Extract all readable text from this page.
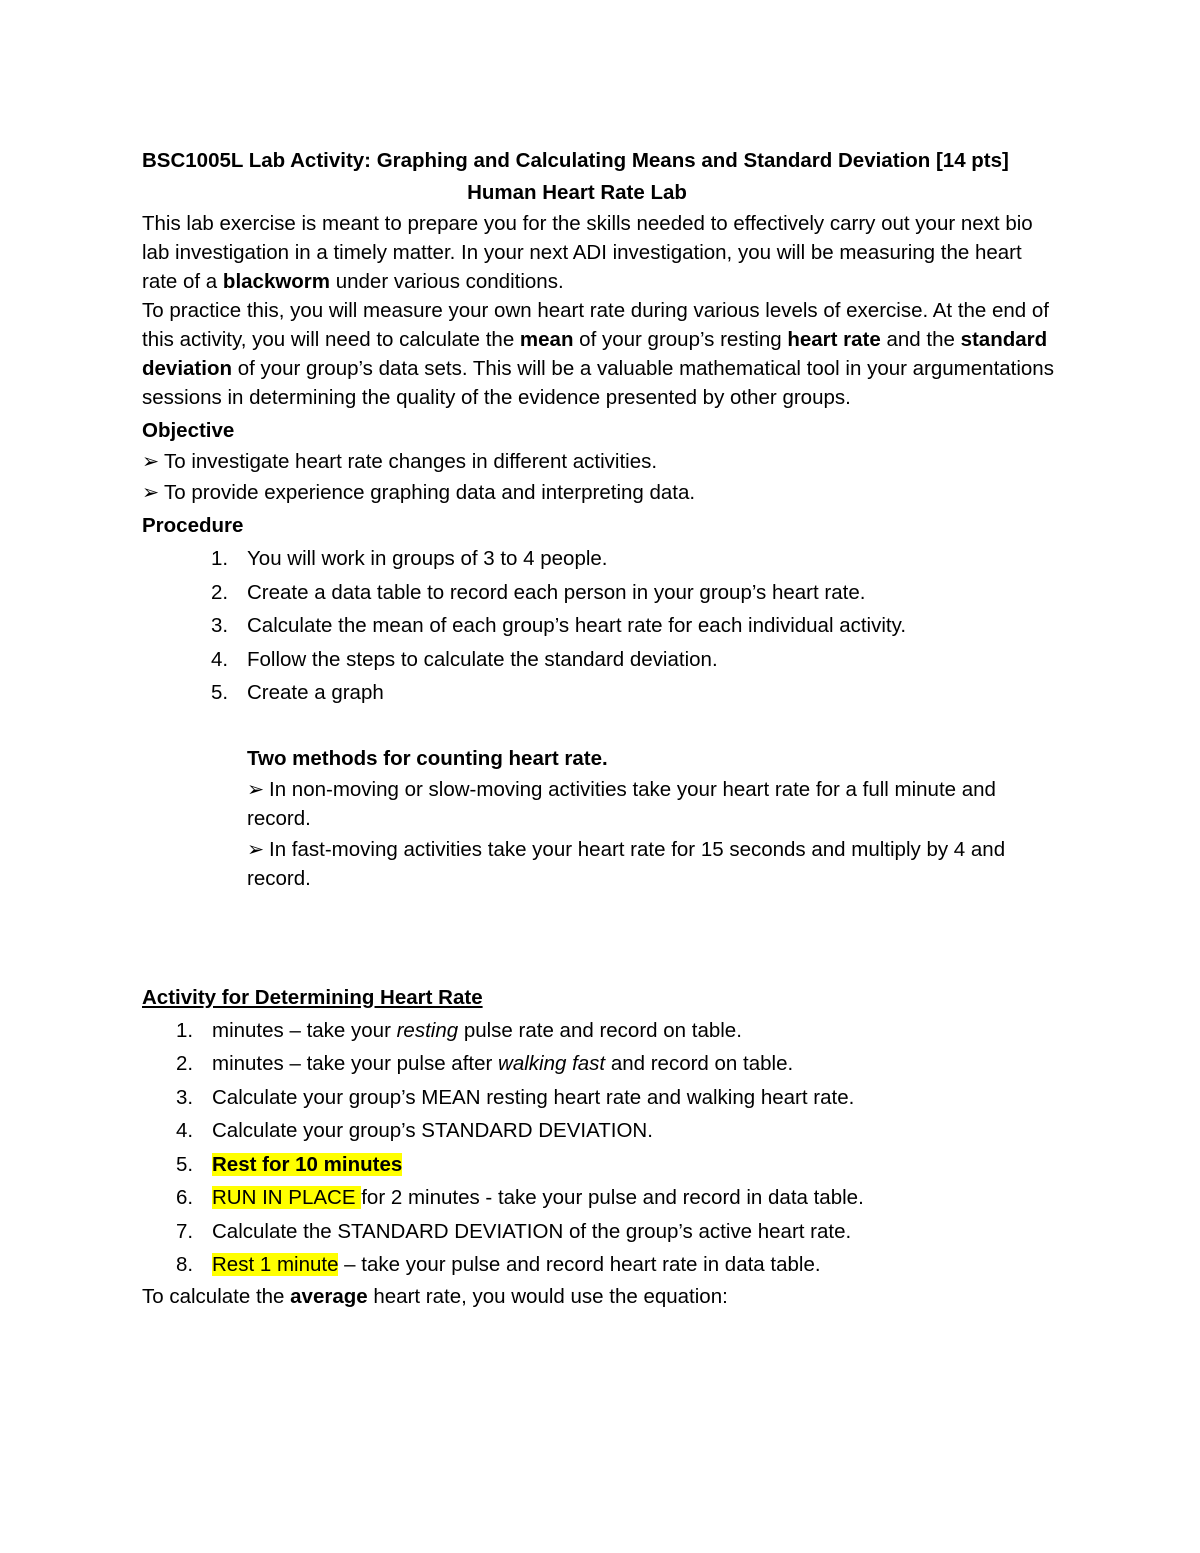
BSC1005L Lab Activity: Graphing and Calculating Means and Standard Deviation [14 pts]

Human Heart Rate Lab

This lab exercise is meant to prepare you for the skills needed to effectively carry out your next bio lab investigation in a timely matter. In your next ADI investigation, you will be measuring the heart rate of a blackworm under various conditions.

To practice this, you will measure your own heart rate during various levels of exercise. At the end of this activity, you will need to calculate the mean of your group’s resting heart rate and the standard deviation of your group’s data sets. This will be a valuable mathematical tool in your argumentations sessions in determining the quality of the evidence presented by other groups.

Objective

➢ To investigate heart rate changes in different activities.

➢ To provide experience graphing data and interpreting data.

Procedure

1. You will work in groups of 3 to 4 people.
2. Create a data table to record each person in your group’s heart rate.
3. Calculate the mean of each group’s heart rate for each individual activity.
4. Follow the steps to calculate the standard deviation.
5. Create a graph

Two methods for counting heart rate.

➢ In non-moving or slow-moving activities take your heart rate for a full minute and record.

➢ In fast-moving activities take your heart rate for 15 seconds and multiply by 4 and record.

Activity for Determining Heart Rate

1. minutes – take your resting pulse rate and record on table.
2. minutes – take your pulse after walking fast and record on table.
3. Calculate your group’s MEAN resting heart rate and walking heart rate.
4. Calculate your group’s STANDARD DEVIATION.
5. Rest for 10 minutes
6. RUN IN PLACE for 2 minutes - take your pulse and record in data table.
7. Calculate the STANDARD DEVIATION of the group’s active heart rate.
8. Rest 1 minute – take your pulse and record heart rate in data table.

To calculate the average heart rate, you would use the equation:
